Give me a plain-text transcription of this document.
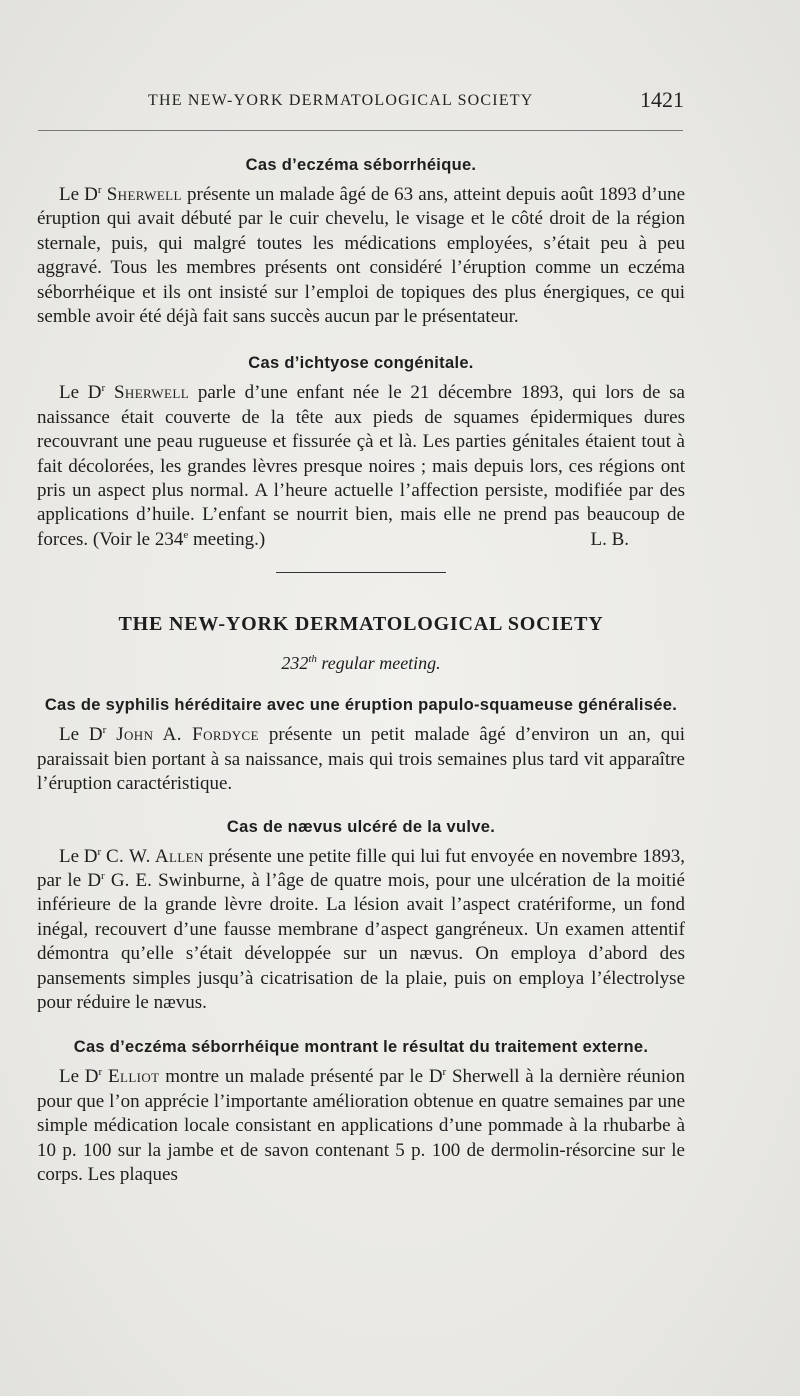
THE NEW-YORK DERMATOLOGICAL SOCIETY	1421
Cas d’eczéma séborrhéique.

Le $D^r$ Sherwell présente un malade âgé de 63 ans, atteint depuis août 1893 d’une éruption qui avait débuté par le cuir chevelu, le visage et le côté droit de la région sternale, puis, qui malgré toutes les médications employées, s’était peu à peu aggravé. Tous les membres présents ont considéré l’éruption comme un eczéma séborrhéique et ils ont insisté sur l’emploi de topiques des plus énergiques, ce qui semble avoir été déjà fait sans succès aucun par le présentateur.

Cas d’ichtyose congénitale.

Le $D^r$ Sherwell parle d’une enfant née le 21 décembre 1893, qui lors de sa naissance était couverte de la tête aux pieds de squames épidermiques dures recouvrant une peau rugueuse et fissurée çà et là. Les parties génitales étaient tout à fait décolorées, les grandes lèvres presque noires ; mais depuis lors, ces régions ont pris un aspect plus normal. A l’heure actuelle l’affection persiste, modifiée par des applications d’huile. L’enfant se nourrit bien, mais elle ne prend pas beaucoup de forces. (Voir le 234e meeting.)	L. B.
THE NEW-YORK DERMATOLOGICAL SOCIETY

232th regular meeting.

Cas de syphilis héréditaire avec une éruption papulo-squameuse généralisée.

Le $D^r$ John A. Fordyce présente un petit malade âgé d’environ un an, qui paraissait bien portant à sa naissance, mais qui trois semaines plus tard vit apparaître l’éruption caractéristique.

Cas de nævus ulcéré de la vulve.

Le $D^r$ C. W. Allen présente une petite fille qui lui fut envoyée en novembre 1893, par le $D^r$ G. E. Swinburne, à l’âge de quatre mois, pour une ulcération de la moitié inférieure de la grande lèvre droite. La lésion avait l’aspect cratériforme, un fond inégal, recouvert d’une fausse membrane d’aspect gangréneux. Un examen attentif démontra qu’elle s’était développée sur un nævus. On employa d’abord des pansements simples jusqu’à cicatrisation de la plaie, puis on employa l’électrolyse pour réduire le nævus.

Cas d’eczéma séborrhéique montrant le résultat du traitement externe.

Le $D^r$ Elliot montre un malade présenté par le $D^r$ Sherwell à la dernière réunion pour que l’on apprécie l’importante amélioration obtenue en quatre semaines par une simple médication locale consistant en applications d’une pommade à la rhubarbe à 10 p. 100 sur la jambe et de savon contenant 5 p. 100 de dermolin-résorcine sur le corps. Les plaques
